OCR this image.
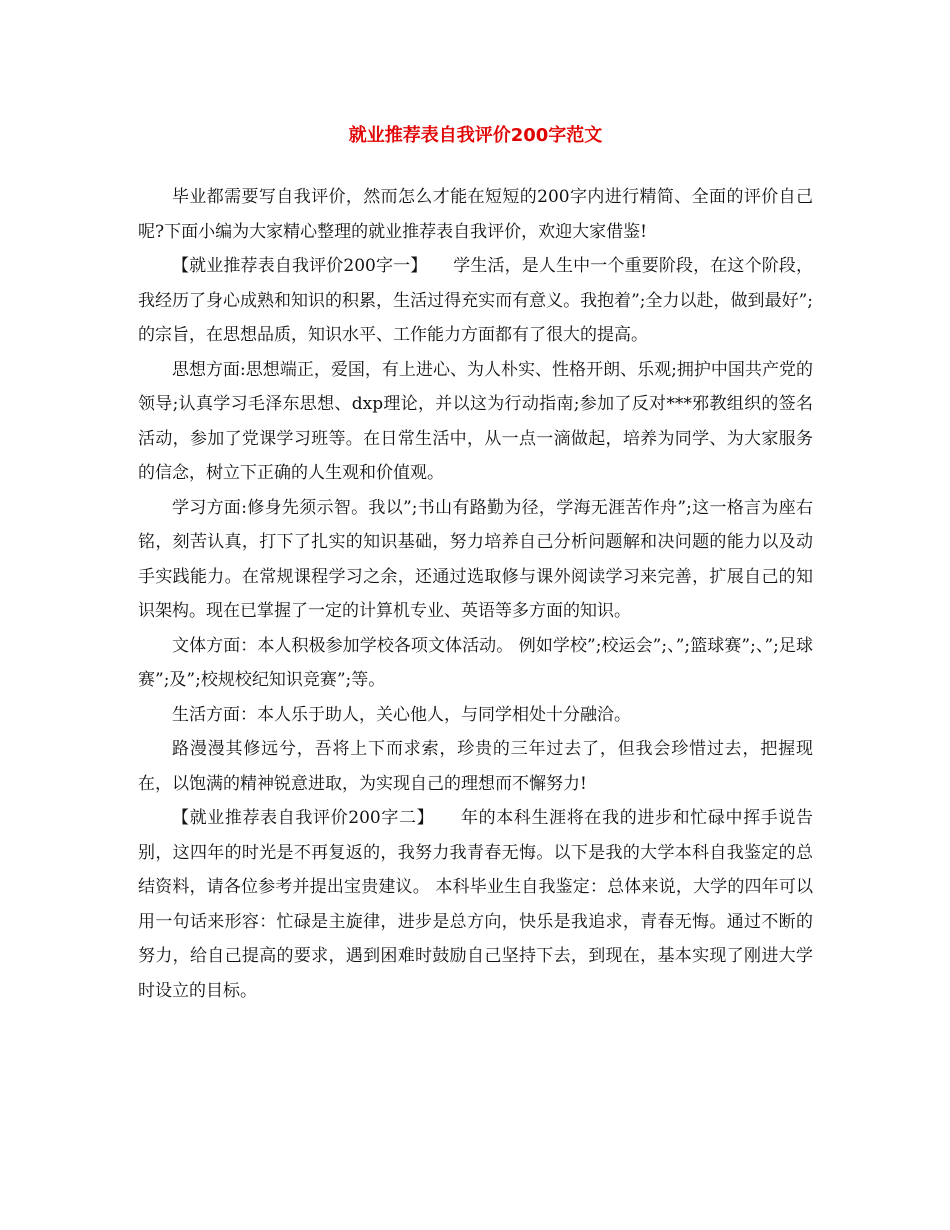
就业推荐表自我评价200字范文

毕业都需要写自我评价，然而怎么才能在短短的200字内进行精简、全面的评价自己呢?下面小编为大家精心整理的就业推荐表自我评价，欢迎大家借鉴!

【就业推荐表自我评价200字一】　　学生活，是人生中一个重要阶段，在这个阶段，我经历了身心成熟和知识的积累，生活过得充实而有意义。我抱着”;全力以赴，做到最好”;的宗旨，在思想品质，知识水平、工作能力方面都有了很大的提高。

思想方面:思想端正，爱国，有上进心、为人朴实、性格开朗、乐观;拥护中国共产党的领导;认真学习毛泽东思想、dxp理论，并以这为行动指南;参加了反对***邪教组织的签名活动，参加了党课学习班等。在日常生活中，从一点一滴做起，培养为同学、为大家服务的信念，树立下正确的人生观和价值观。

学习方面:修身先须示智。我以”;书山有路勤为径，学海无涯苦作舟”;这一格言为座右铭，刻苦认真，打下了扎实的知识基础，努力培养自己分析问题解和决问题的能力以及动手实践能力。在常规课程学习之余，还通过选取修与课外阅读学习来完善，扩展自己的知识架构。现在已掌握了一定的计算机专业、英语等多方面的知识。

文体方面：本人积极参加学校各项文体活动。 例如学校”;校运会”;、”;篮球赛”;、”;足球赛”;及”;校规校纪知识竞赛”;等。

生活方面：本人乐于助人，关心他人，与同学相处十分融洽。

路漫漫其修远兮，吾将上下而求索，珍贵的三年过去了，但我会珍惜过去，把握现在，以饱满的精神锐意进取，为实现自己的理想而不懈努力!

【就业推荐表自我评价200字二】　　年的本科生涯将在我的进步和忙碌中挥手说告别，这四年的时光是不再复返的，我努力我青春无悔。以下是我的大学本科自我鉴定的总结资料，请各位参考并提出宝贵建议。 本科毕业生自我鉴定：总体来说，大学的四年可以用一句话来形容：忙碌是主旋律，进步是总方向，快乐是我追求，青春无悔。通过不断的努力，给自己提高的要求，遇到困难时鼓励自己坚持下去，到现在，基本实现了刚进大学时设立的目标。
